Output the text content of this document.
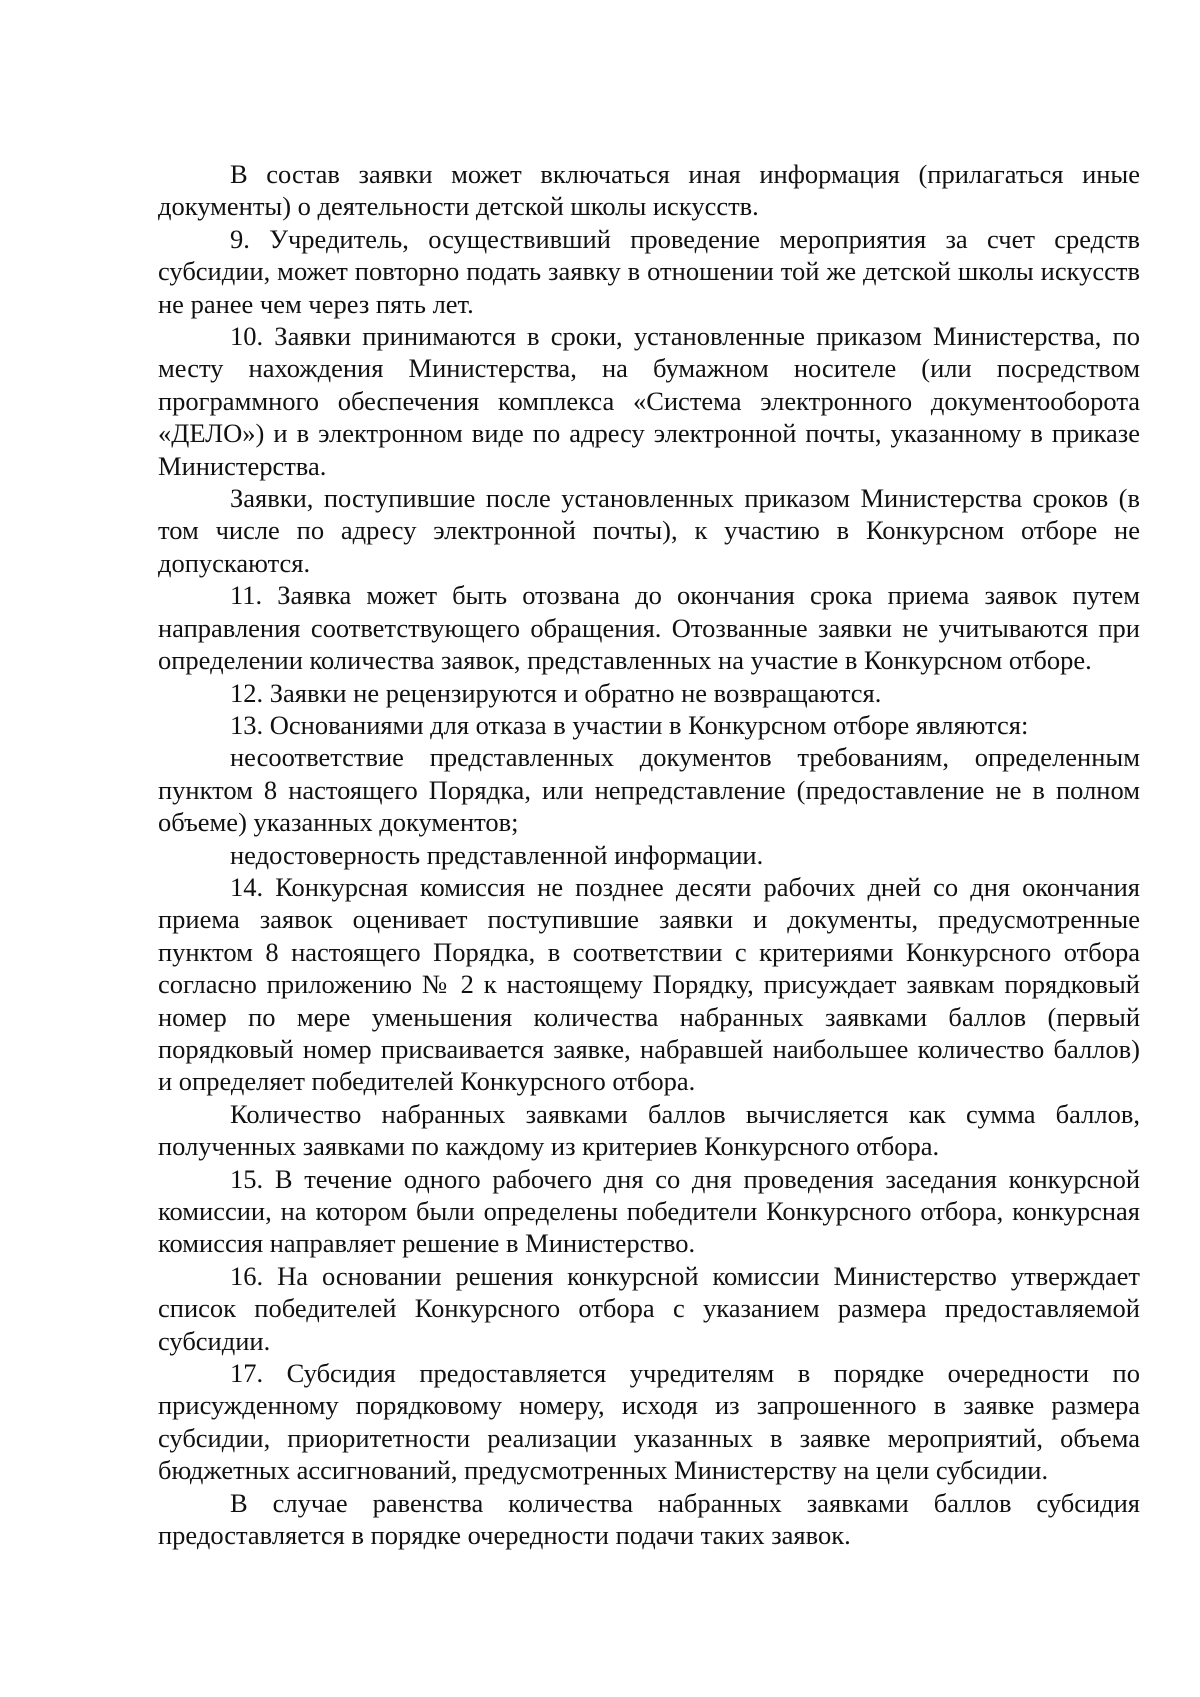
В состав заявки может включаться иная информация (прилагаться иные документы) о деятельности детской школы искусств.

9. Учредитель, осуществивший проведение мероприятия за счет средств субсидии, может повторно подать заявку в отношении той же детской школы искусств не ранее чем через пять лет.

10. Заявки принимаются в сроки, установленные приказом Министерства, по месту нахождения Министерства, на бумажном носителе (или посредством программного обеспечения комплекса «Система электронного документооборота «ДЕЛО») и в электронном виде по адресу электронной почты, указанному в приказе Министерства.

Заявки, поступившие после установленных приказом Министерства сроков (в том числе по адресу электронной почты), к участию в Конкурсном отборе не допускаются.

11. Заявка может быть отозвана до окончания срока приема заявок путем направления соответствующего обращения. Отозванные заявки не учитываются при определении количества заявок, представленных на участие в Конкурсном отборе.

12. Заявки не рецензируются и обратно не возвращаются.

13. Основаниями для отказа в участии в Конкурсном отборе являются:

несоответствие представленных документов требованиям, определенным пунктом 8 настоящего Порядка, или непредставление (предоставление не в полном объеме) указанных документов;

недостоверность представленной информации.

14. Конкурсная комиссия не позднее десяти рабочих дней со дня окончания приема заявок оценивает поступившие заявки и документы, предусмотренные пунктом 8 настоящего Порядка, в соответствии с критериями Конкурсного отбора согласно приложению № 2 к настоящему Порядку, присуждает заявкам порядковый номер по мере уменьшения количества набранных заявками баллов (первый порядковый номер присваивается заявке, набравшей наибольшее количество баллов) и определяет победителей Конкурсного отбора.

Количество набранных заявками баллов вычисляется как сумма баллов, полученных заявками по каждому из критериев Конкурсного отбора.

15. В течение одного рабочего дня со дня проведения заседания конкурсной комиссии, на котором были определены победители Конкурсного отбора, конкурсная комиссия направляет решение в Министерство.

16. На основании решения конкурсной комиссии Министерство утверждает список победителей Конкурсного отбора с указанием размера предоставляемой субсидии.

17. Субсидия предоставляется учредителям в порядке очередности по присужденному порядковому номеру, исходя из запрошенного в заявке размера субсидии, приоритетности реализации указанных в заявке мероприятий, объема бюджетных ассигнований, предусмотренных Министерству на цели субсидии.

В случае равенства количества набранных заявками баллов субсидия предоставляется в порядке очередности подачи таких заявок.
